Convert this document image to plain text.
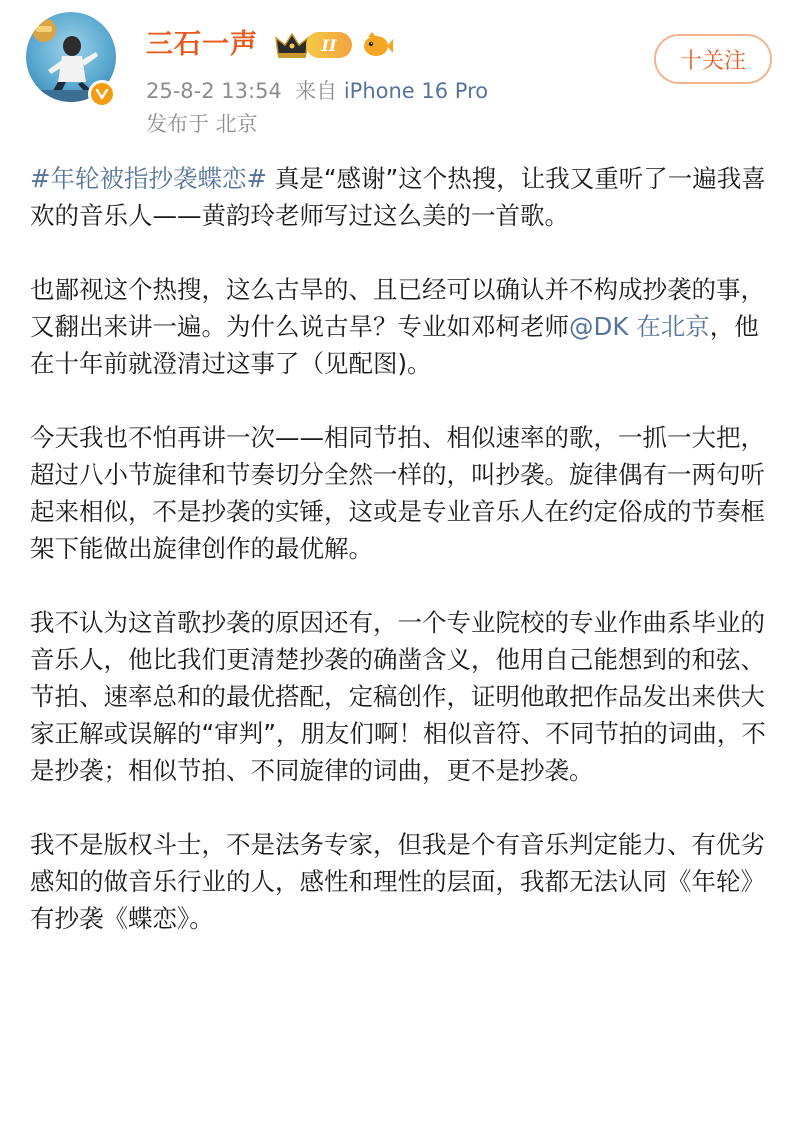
三石一声	II
25-8-2 13:54 来自 iPhone 16 Pro
发布于 北京
十关注

#年轮被指抄袭蝶恋# 真是“感谢”这个热搜，让我又重听了一遍我喜欢的音乐人——黄韵玲老师写过这么美的一首歌。

也鄙视这个热搜，这么古旱的、且已经可以确认并不构成抄袭的事，又翻出来讲一遍。为什么说古旱？专业如邓柯老师@DK 在北京，他在十年前就澄清过这事了（见配图)。

今天我也不怕再讲一次——相同节拍、相似速率的歌，一抓一大把，超过八小节旋律和节奏切分全然一样的，叫抄袭。旋律偶有一两句听起来相似，不是抄袭的实锤，这或是专业音乐人在约定俗成的节奏框架下能做出旋律创作的最优解。

我不认为这首歌抄袭的原因还有，一个专业院校的专业作曲系毕业的音乐人，他比我们更清楚抄袭的确凿含义，他用自己能想到的和弦、节拍、速率总和的最优搭配，定稿创作，证明他敢把作品发出来供大家正解或误解的“审判”，朋友们啊！相似音符、不同节拍的词曲，不是抄袭；相似节拍、不同旋律的词曲，更不是抄袭。

我不是版权斗士，不是法务专家，但我是个有音乐判定能力、有优劣感知的做音乐行业的人，感性和理性的层面，我都无法认同《年轮》有抄袭《蝶恋》。
